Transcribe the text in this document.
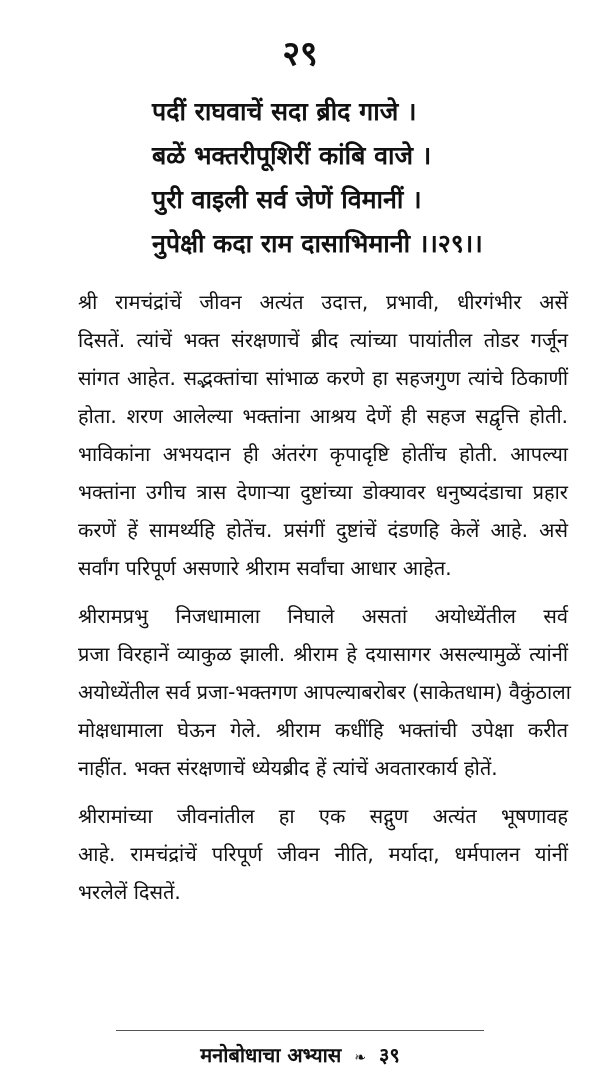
२९
पदीं राघवाचें सदा ब्रीद गाजे ।
बळें भक्तरीपूशिरीं कांबि वाजे ।
पुरी वाइली सर्व जेणें विमानीं ।
नुपेक्षी कदा राम दासाभिमानी ।।२९।।

श्री रामचंद्रांचें जीवन अत्यंत उदात्त, प्रभावी, धीरगंभीर असें
दिसतें. त्यांचें भक्त संरक्षणाचें ब्रीद त्यांच्या पायांतील तोडर गर्जून
सांगत आहेत. सद्भक्तांचा सांभाळ करणे हा सहजगुण त्यांचे ठिकाणीं
होता. शरण आलेल्या भक्तांना आश्रय देणें ही सहज सद्वृत्ति होती.
भाविकांना अभयदान ही अंतरंग कृपादृष्टि होतींच होती. आपल्या
भक्तांना उगीच त्रास देणाऱ्या दुष्टांच्या डोक्यावर धनुष्यदंडाचा प्रहार
करणें हें सामर्थ्यहि होतेंच. प्रसंगीं दुष्टांचें दंडणहि केलें आहे. असे
सर्वांग परिपूर्ण असणारे श्रीराम सर्वांचा आधार आहेत.

श्रीरामप्रभु निजधामाला निघाले असतां अयोध्येंतील सर्व
प्रजा विरहानें व्याकुळ झाली. श्रीराम हे दयासागर असल्यामुळें त्यांनीं
अयोध्येंतील सर्व प्रजा-भक्तगण आपल्याबरोबर (साकेतधाम) वैकुंठाला
मोक्षधामाला घेऊन गेले. श्रीराम कधींहि भक्तांची उपेक्षा करीत
नाहींत. भक्त संरक्षणाचें ध्येयब्रीद हें त्यांचें अवतारकार्य होतें.

श्रीरामांच्या जीवनांतील हा एक सद्गुण अत्यंत भूषणावह
आहे. रामचंद्रांचें परिपूर्ण जीवन नीति, मर्यादा, धर्मपालन यांनीं
भरलेलें दिसतें.

मनोबोधाचा अभ्यास ❧ ३९
